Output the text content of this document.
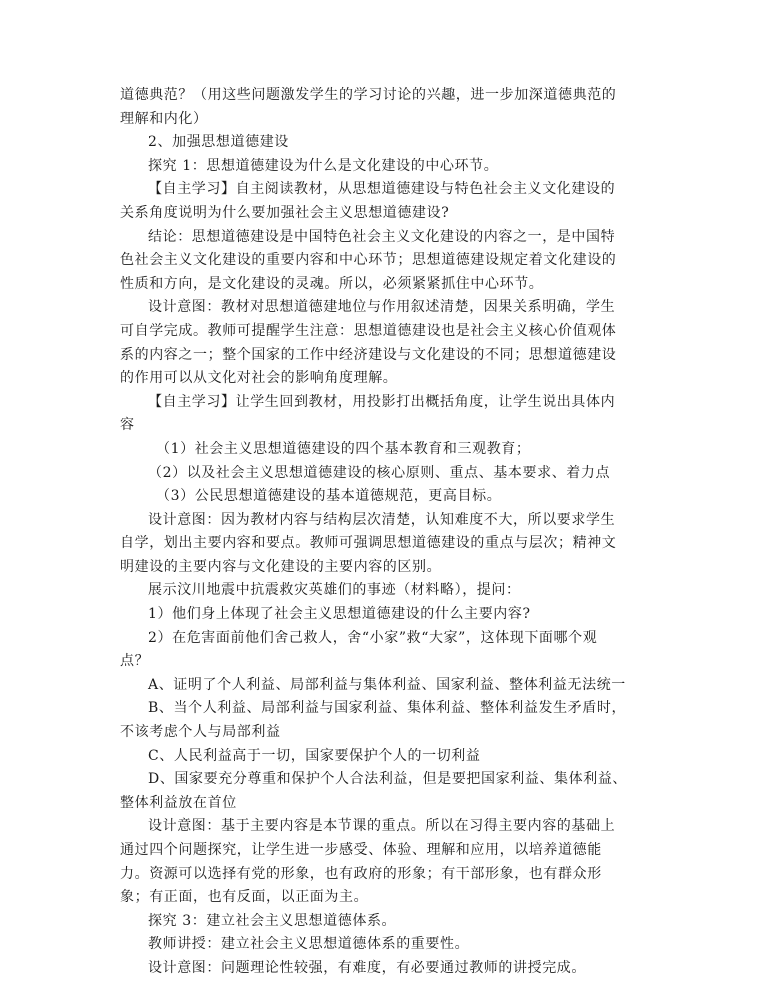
道德典范？（用这些问题激发学生的学习讨论的兴趣，进一步加深道德典范的
理解和内化）
2、加强思想道德建设
探究 1：思想道德建设为什么是文化建设的中心环节。
【自主学习】自主阅读教材，从思想道德建设与特色社会主义文化建设的
关系角度说明为什么要加强社会主义思想道德建设?
结论：思想道德建设是中国特色社会主义文化建设的内容之一，是中国特
色社会主义文化建设的重要内容和中心环节；思想道德建设规定着文化建设的
性质和方向，是文化建设的灵魂。所以，必须紧紧抓住中心环节。
设计意图：教材对思想道德建地位与作用叙述清楚，因果关系明确，学生
可自学完成。教师可提醒学生注意：思想道德建设也是社会主义核心价值观体
系的内容之一；整个国家的工作中经济建设与文化建设的不同；思想道德建设
的作用可以从文化对社会的影响角度理解。
【自主学习】让学生回到教材，用投影打出概括角度，让学生说出具体内
容
（1）社会主义思想道德建设的四个基本教育和三观教育；
（2）以及社会主义思想道德建设的核心原则、重点、基本要求、着力点
（3）公民思想道德建设的基本道德规范，更高目标。
设计意图：因为教材内容与结构层次清楚，认知难度不大，所以要求学生
自学，划出主要内容和要点。教师可强调思想道德建设的重点与层次；精神文
明建设的主要内容与文化建设的主要内容的区别。
展示汶川地震中抗震救灾英雄们的事迹（材料略），提问：
1）他们身上体现了社会主义思想道德建设的什么主要内容?
2）在危害面前他们舍己救人，舍“小家”救“大家”，这体现下面哪个观
点？
A、证明了个人利益、局部利益与集体利益、国家利益、整体利益无法统一
B、当个人利益、局部利益与国家利益、集体利益、整体利益发生矛盾时，
不该考虑个人与局部利益
C、人民利益高于一切，国家要保护个人的一切利益
D、国家要充分尊重和保护个人合法利益，但是要把国家利益、集体利益、
整体利益放在首位
设计意图：基于主要内容是本节课的重点。所以在习得主要内容的基础上
通过四个问题探究，让学生进一步感受、体验、理解和应用，以培养道德能
力。资源可以选择有党的形象，也有政府的形象；有干部形象，也有群众形
象；有正面，也有反面，以正面为主。
探究 3：建立社会主义思想道德体系。
教师讲授：建立社会主义思想道德体系的重要性。
设计意图：问题理论性较强，有难度，有必要通过教师的讲授完成。
